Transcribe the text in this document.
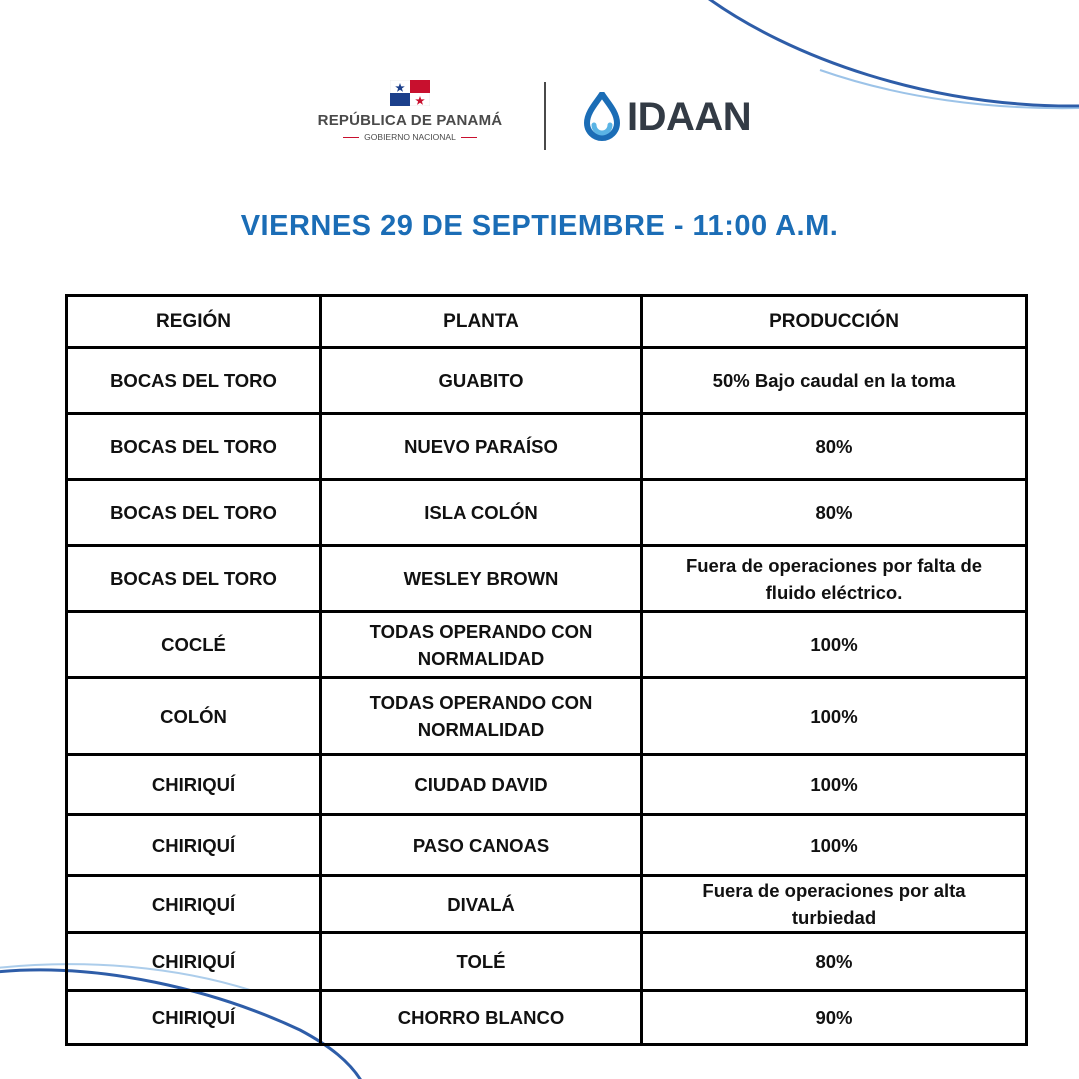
REPÚBLICA DE PANAMÁ
GOBIERNO NACIONAL	IDAAN
VIERNES 29 DE SEPTIEMBRE - 11:00 A.M.
REGIÓN	PLANTA	PRODUCCIÓN
BOCAS DEL TORO	GUABITO	50% Bajo caudal en la toma
BOCAS DEL TORO	NUEVO PARAÍSO	80%
BOCAS DEL TORO	ISLA COLÓN	80%
BOCAS DEL TORO	WESLEY BROWN	Fuera de operaciones por falta de fluido eléctrico.
COCLÉ	TODAS OPERANDO CON NORMALIDAD	100%
COLÓN	TODAS OPERANDO CON NORMALIDAD	100%
CHIRIQUÍ	CIUDAD DAVID	100%
CHIRIQUÍ	PASO CANOAS	100%
CHIRIQUÍ	DIVALÁ	Fuera de operaciones por alta turbiedad
CHIRIQUÍ	TOLÉ	80%
CHIRIQUÍ	CHORRO BLANCO	90%
